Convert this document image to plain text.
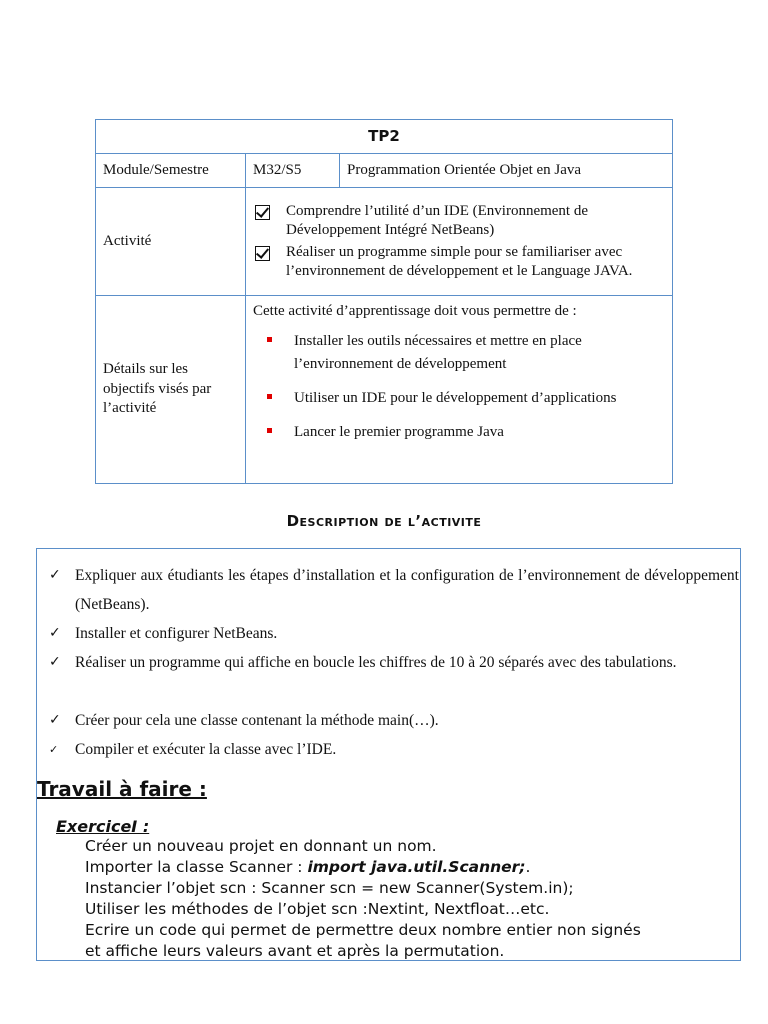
TP2		
Module/Semestre	M32/S5	Programmation Orientée Objet en Java
Activité	Comprendre l’utilité d’un IDE (Environnement de Développement Intégré NetBeans)
Réaliser un programme simple pour se familiariser avec l’environnement de développement et le Language JAVA.	

Détails sur les objectifs visés par l’activité	Cette activité d’apprentissage doit vous permettre de :
Installer les outils nécessaires et mettre en place l’environnement de développement
Utiliser un IDE pour le développement d’applications
Lancer le premier programme Java	
Description de l’activite
✓ Expliquer aux étudiants les étapes d’installation et la configuration de l’environnement de développement (NetBeans).
✓ Installer et configurer NetBeans.
✓ Réaliser un programme qui affiche en boucle les chiffres de 10 à 20 séparés avec des tabulations.
✓ Créer pour cela une classe contenant la méthode main(…).
✓ Compiler et exécuter la classe avec l’IDE.
Travail à faire :
ExerciceI :
Créer un nouveau projet en donnant un nom.
Importer la classe Scanner : import java.util.Scanner;.
Instancier l’objet scn : Scanner scn = new Scanner(System.in);
Utiliser les méthodes de l’objet scn :Nextint, Nextfloat…etc.
Ecrire un code qui permet de permettre deux nombre entier non signés
et affiche leurs valeurs avant et après la permutation.
